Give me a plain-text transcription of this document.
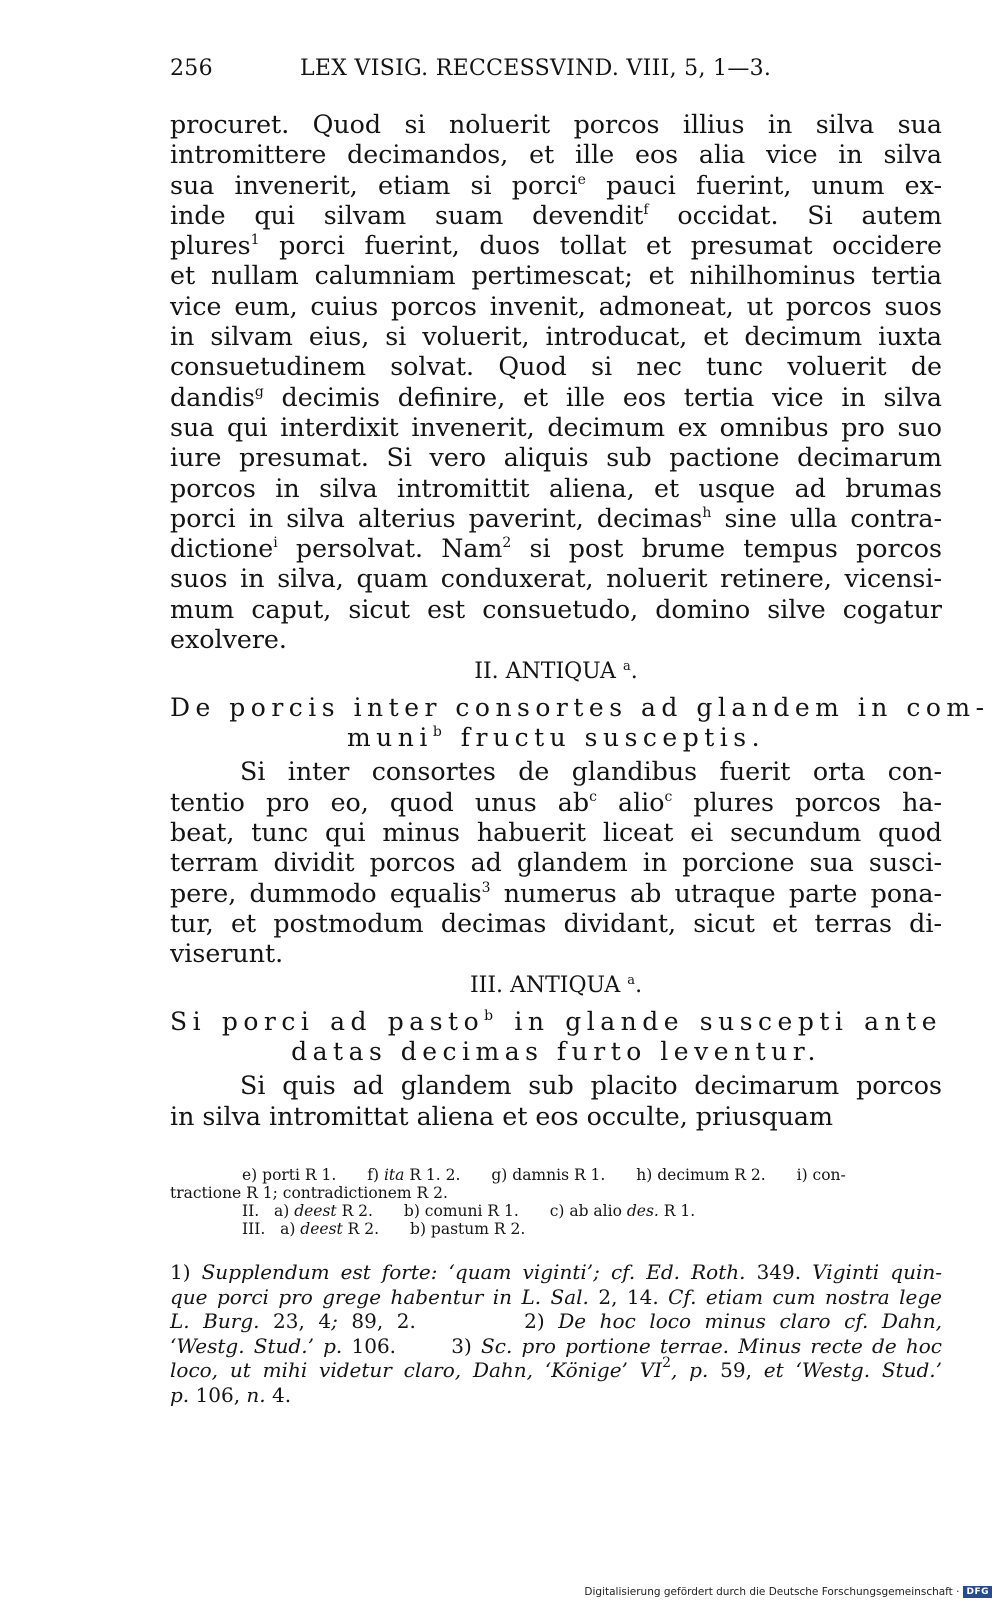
256	LEX VISIG. RECCESSVIND. VIII, 5, 1—3.
procuret. Quod si noluerit porcos illius in silva sua
intromittere decimandos, et ille eos alia vice in silva
sua invenerit, etiam si porci$^e$ pauci fuerint, unum ex-
inde qui silvam suam devendit$^f$ occidat. Si autem
plures$^1$ porci fuerint, duos tollat et presumat occidere
et nullam calumniam pertimescat; et nihilhominus tertia
vice eum, cuius porcos invenit, admoneat, ut porcos suos
in silvam eius, si voluerit, introducat, et decimum iuxta
consuetudinem solvat. Quod si nec tunc voluerit de
dandis$^g$ decimis definire, et ille eos tertia vice in silva
sua qui interdixit invenerit, decimum ex omnibus pro suo
iure presumat. Si vero aliquis sub pactione decimarum
porcos in silva intromittit aliena, et usque ad brumas
porci in silva alterius paverint, decimas$^h$ sine ulla contra-
dictione$^i$ persolvat. Nam$^2$ si post brume tempus porcos
suos in silva, quam conduxerat, noluerit retinere, vicensi-
mum caput, sicut est consuetudo, domino silve cogatur
exolvere.
II. ANTIQUA $^a$.
De porcis inter consortes ad glandem in com-
muni$^b$ fructu susceptis.
Si inter consortes de glandibus fuerit orta con-
tentio pro eo, quod unus $ab^c$ alio$^c$ plures porcos ha-
beat, tunc qui minus habuerit liceat ei secundum quod
terram dividit porcos ad glandem in porcione sua susci-
pere, dummodo equalis$^3$ numerus ab utraque parte pona-
tur, et postmodum decimas dividant, sicut et terras di-
viserunt.
III. ANTIQUA $^a$.
Si porci ad pasto$^b$ in glande suscepti ante
datas decimas furto leventur.
Si quis ad glandem sub placito decimarum porcos
in silva intromittat aliena et eos occulte, priusquam
e) porti R 1. f) ita R 1. 2. g) damnis R 1. h) decimum R 2. i) con-
tractione R 1; contradictionem R 2.
II. a) deest R 2. b) comuni R 1. c) ab alio des. R 1.
III. a) deest R 2. b) pastum R 2.
1) Supplendum est forte: ‘quam viginti’; cf. Ed. Roth. 349. Viginti quin-
que porci pro grege habentur in L. Sal. 2, 14. Cf. etiam cum nostra lege
L. Burg. 23, 4; 89, 2.	2) De hoc loco minus claro cf. Dahn,
‘Westg. Stud.’ p. 106.	3) Sc. pro portione terrae. Minus recte de hoc
loco, ut mihi videtur claro, Dahn, ‘Könige’ $VI^2$, p. 59, et ‘Westg. Stud.’
p. 106, n. 4.
Digitalisierung gefördert durch die Deutsche Forschungsgemeinschaft · DFG
